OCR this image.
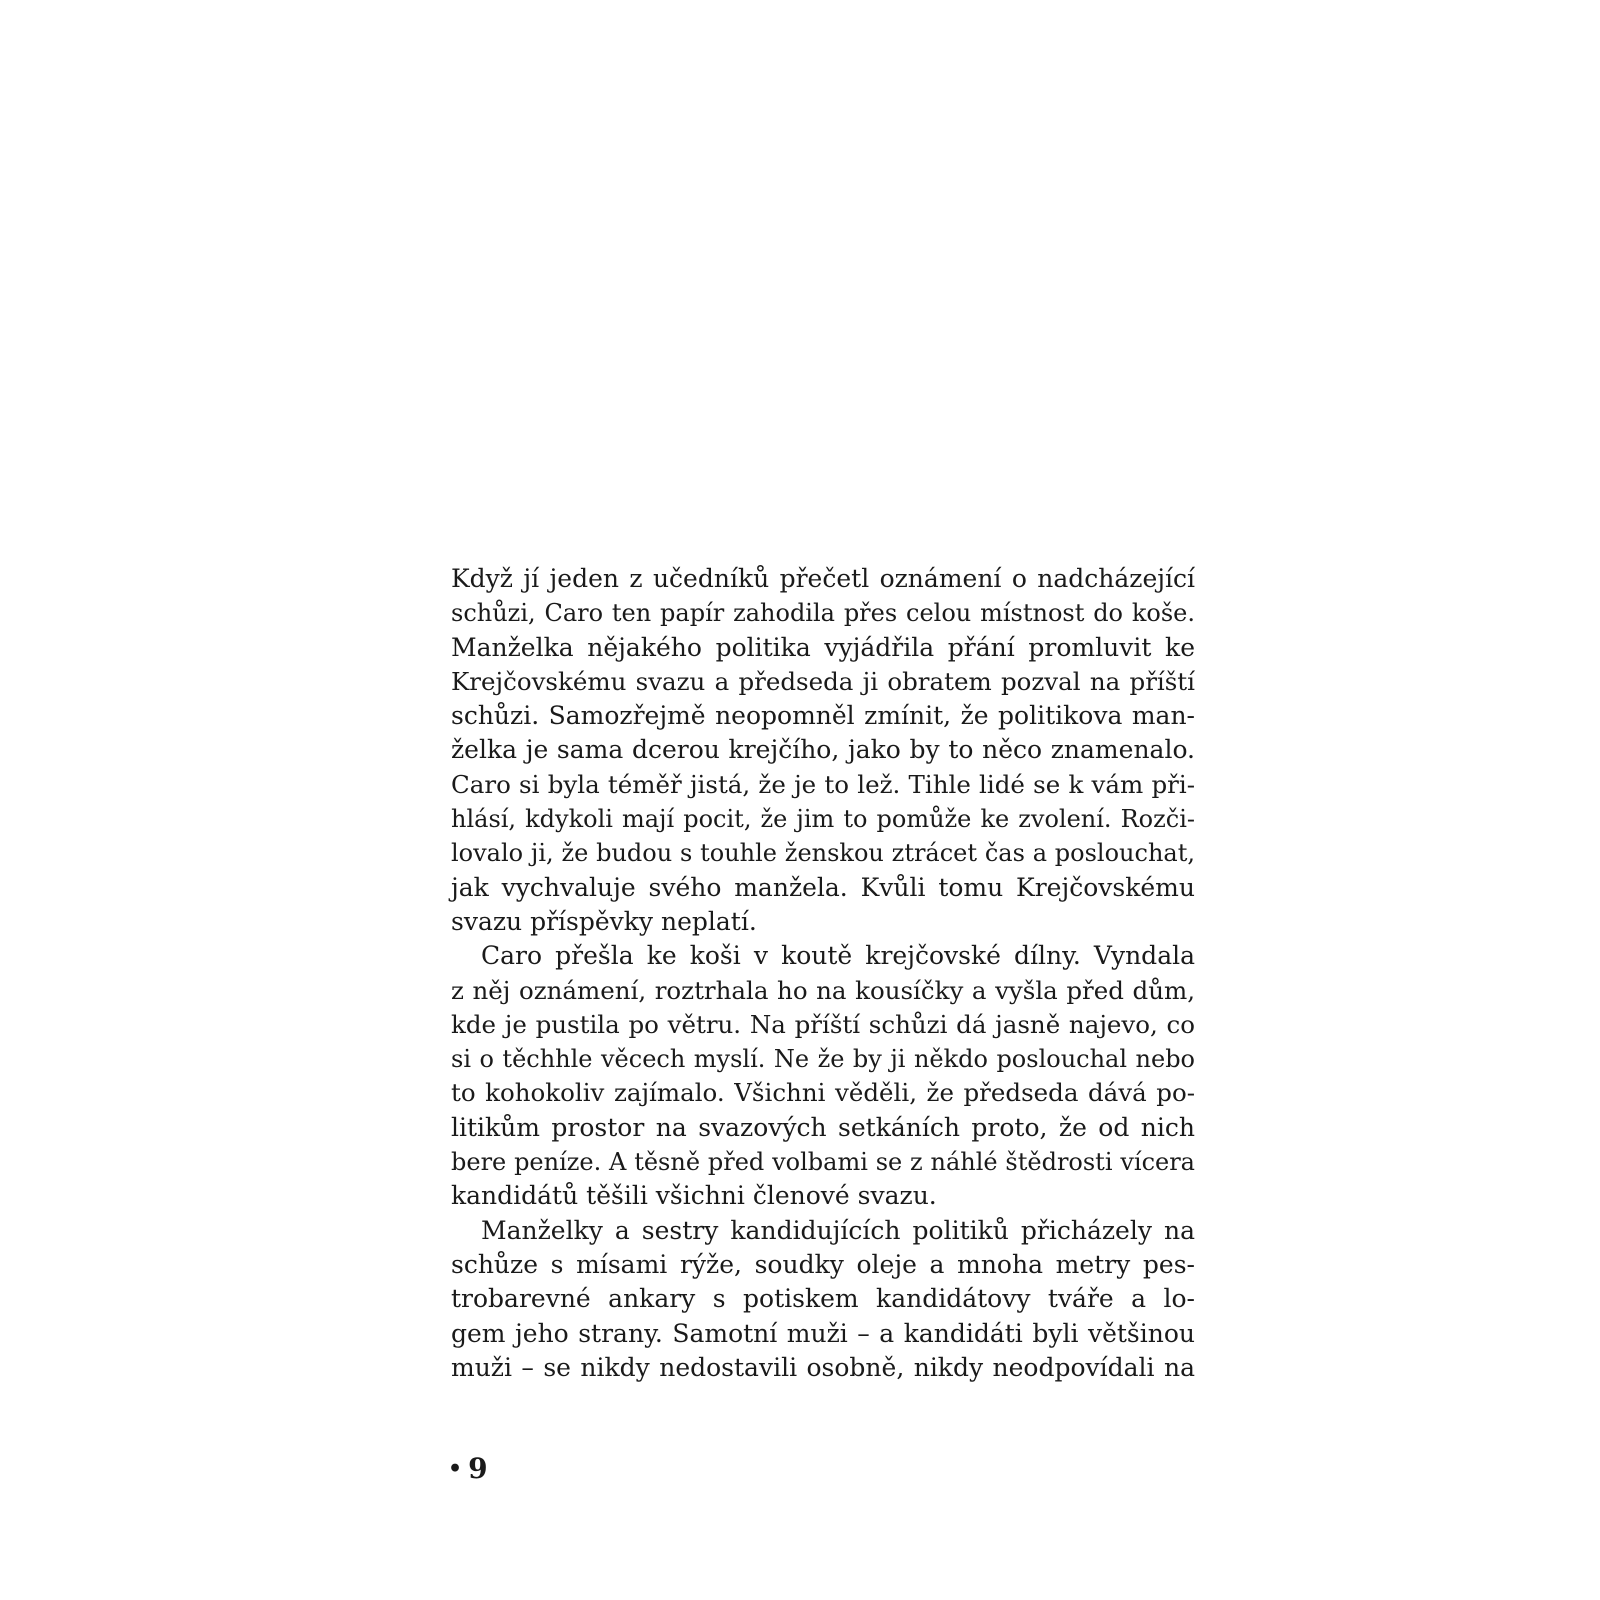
Když jí jeden z učedníků přečetl oznámení o nadcházející
schůzi, Caro ten papír zahodila přes celou místnost do koše.
Manželka nějakého politika vyjádřila přání promluvit ke
Krejčovskému svazu a předseda ji obratem pozval na příští
schůzi. Samozřejmě neopomněl zmínit, že politikova man-
želka je sama dcerou krejčího, jako by to něco znamenalo.
Caro si byla téměř jistá, že je to lež. Tihle lidé se k vám při-
hlásí, kdykoli mají pocit, že jim to pomůže ke zvolení. Rozči-
lovalo ji, že budou s touhle ženskou ztrácet čas a poslouchat,
jak vychvaluje svého manžela. Kvůli tomu Krejčovskému
svazu příspěvky neplatí.
Caro přešla ke koši v koutě krejčovské dílny. Vyndala
z něj oznámení, roztrhala ho na kousíčky a vyšla před dům,
kde je pustila po větru. Na příští schůzi dá jasně najevo, co
si o těchhle věcech myslí. Ne že by ji někdo poslouchal nebo
to kohokoliv zajímalo. Všichni věděli, že předseda dává po-
litikům prostor na svazových setkáních proto, že od nich
bere peníze. A těsně před volbami se z náhlé štědrosti vícera
kandidátů těšili všichni členové svazu.
Manželky a sestry kandidujících politiků přicházely na
schůze s mísami rýže, soudky oleje a mnoha metry pes-
trobarevné ankary s potiskem kandidátovy tváře a lo-
gem jeho strany. Samotní muži – a kandidáti byli většinou
muži – se nikdy nedostavili osobně, nikdy neodpovídali na
• 9
